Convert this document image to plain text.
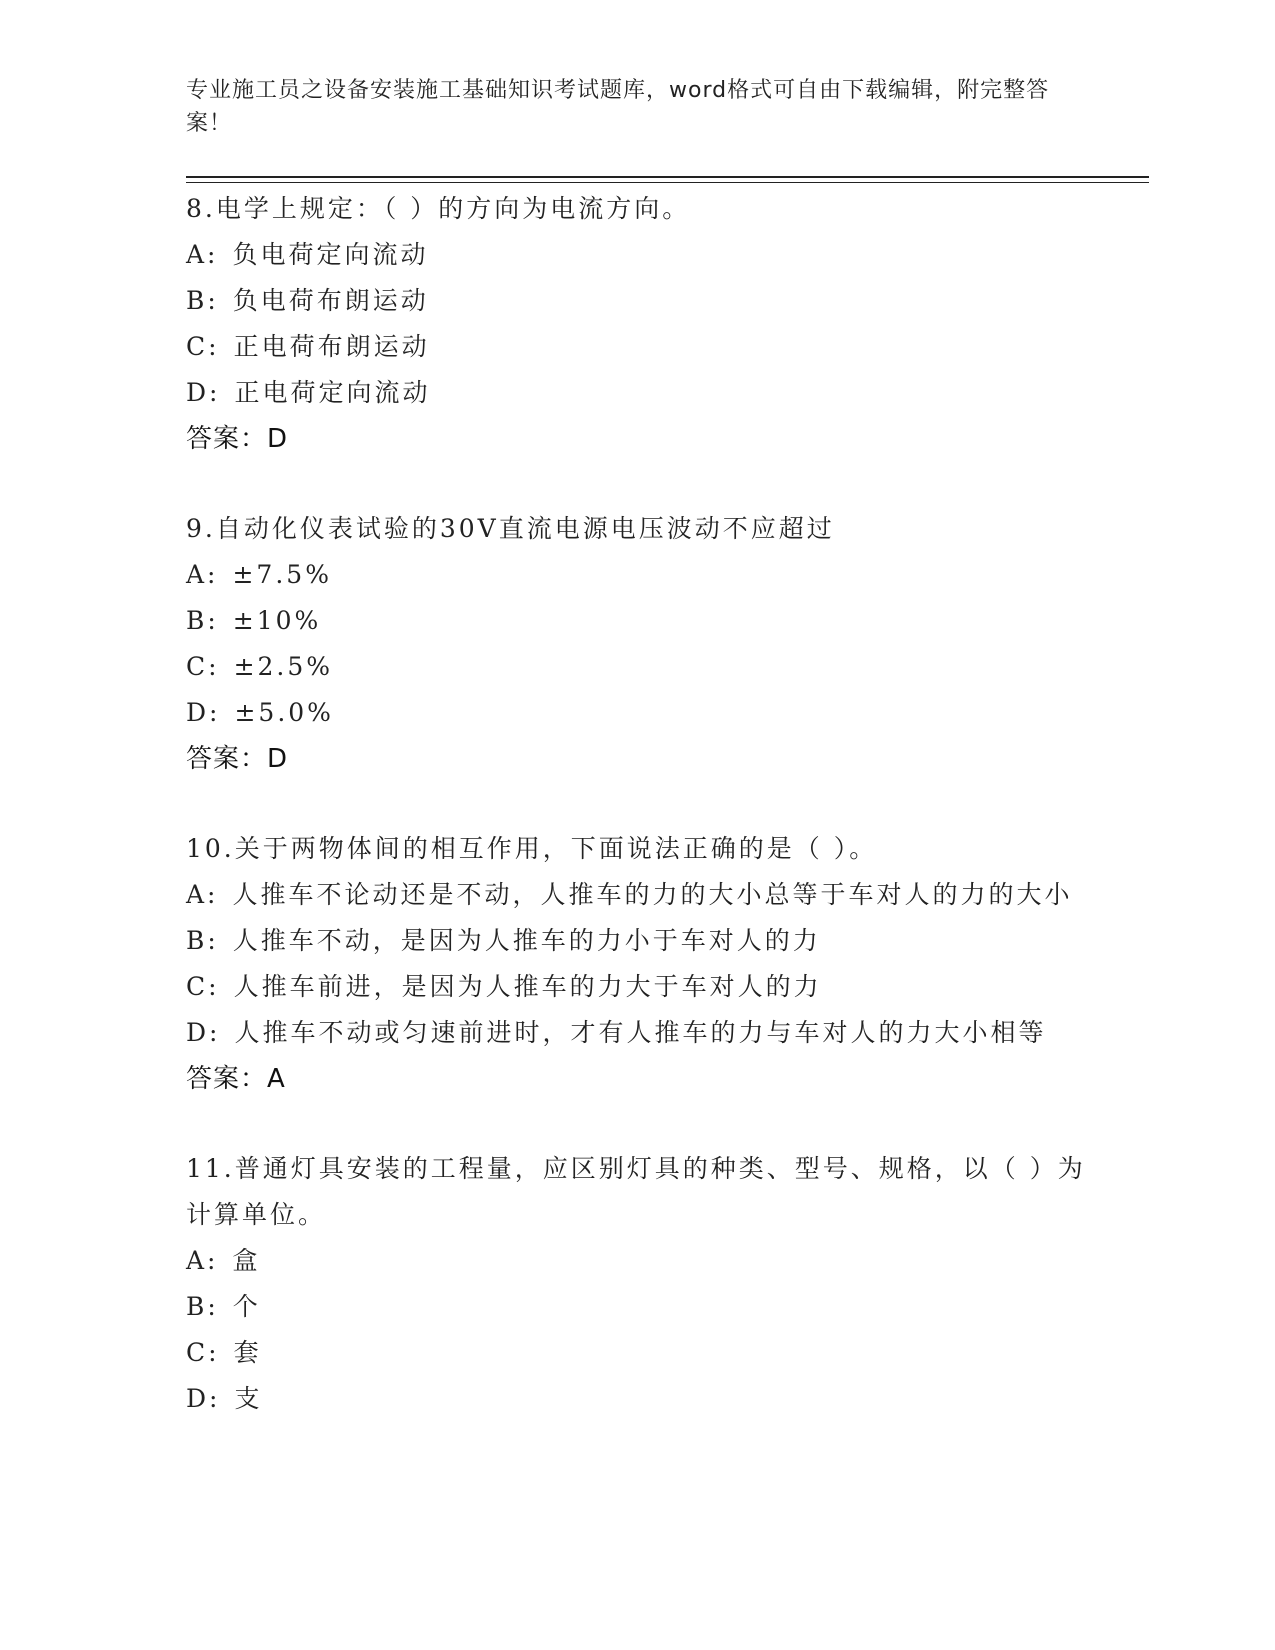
专业施工员之设备安装施工基础知识考试题库，word格式可自由下载编辑，附完整答案！
8.电学上规定：（ ）的方向为电流方向。
A: 负电荷定向流动
B: 负电荷布朗运动
C: 正电荷布朗运动
D: 正电荷定向流动
答案：D
9.自动化仪表试验的30V直流电源电压波动不应超过
A: ±7.5%
B: ±10%
C: ±2.5%
D: ±5.0%
答案：D
10.关于两物体间的相互作用，下面说法正确的是（ ）。
A: 人推车不论动还是不动，人推车的力的大小总等于车对人的力的大小
B: 人推车不动，是因为人推车的力小于车对人的力
C: 人推车前进，是因为人推车的力大于车对人的力
D: 人推车不动或匀速前进时，才有人推车的力与车对人的力大小相等
答案：A
11.普通灯具安装的工程量，应区别灯具的种类、型号、规格，以（ ）为计算单位。
A: 盒
B: 个
C: 套
D: 支
